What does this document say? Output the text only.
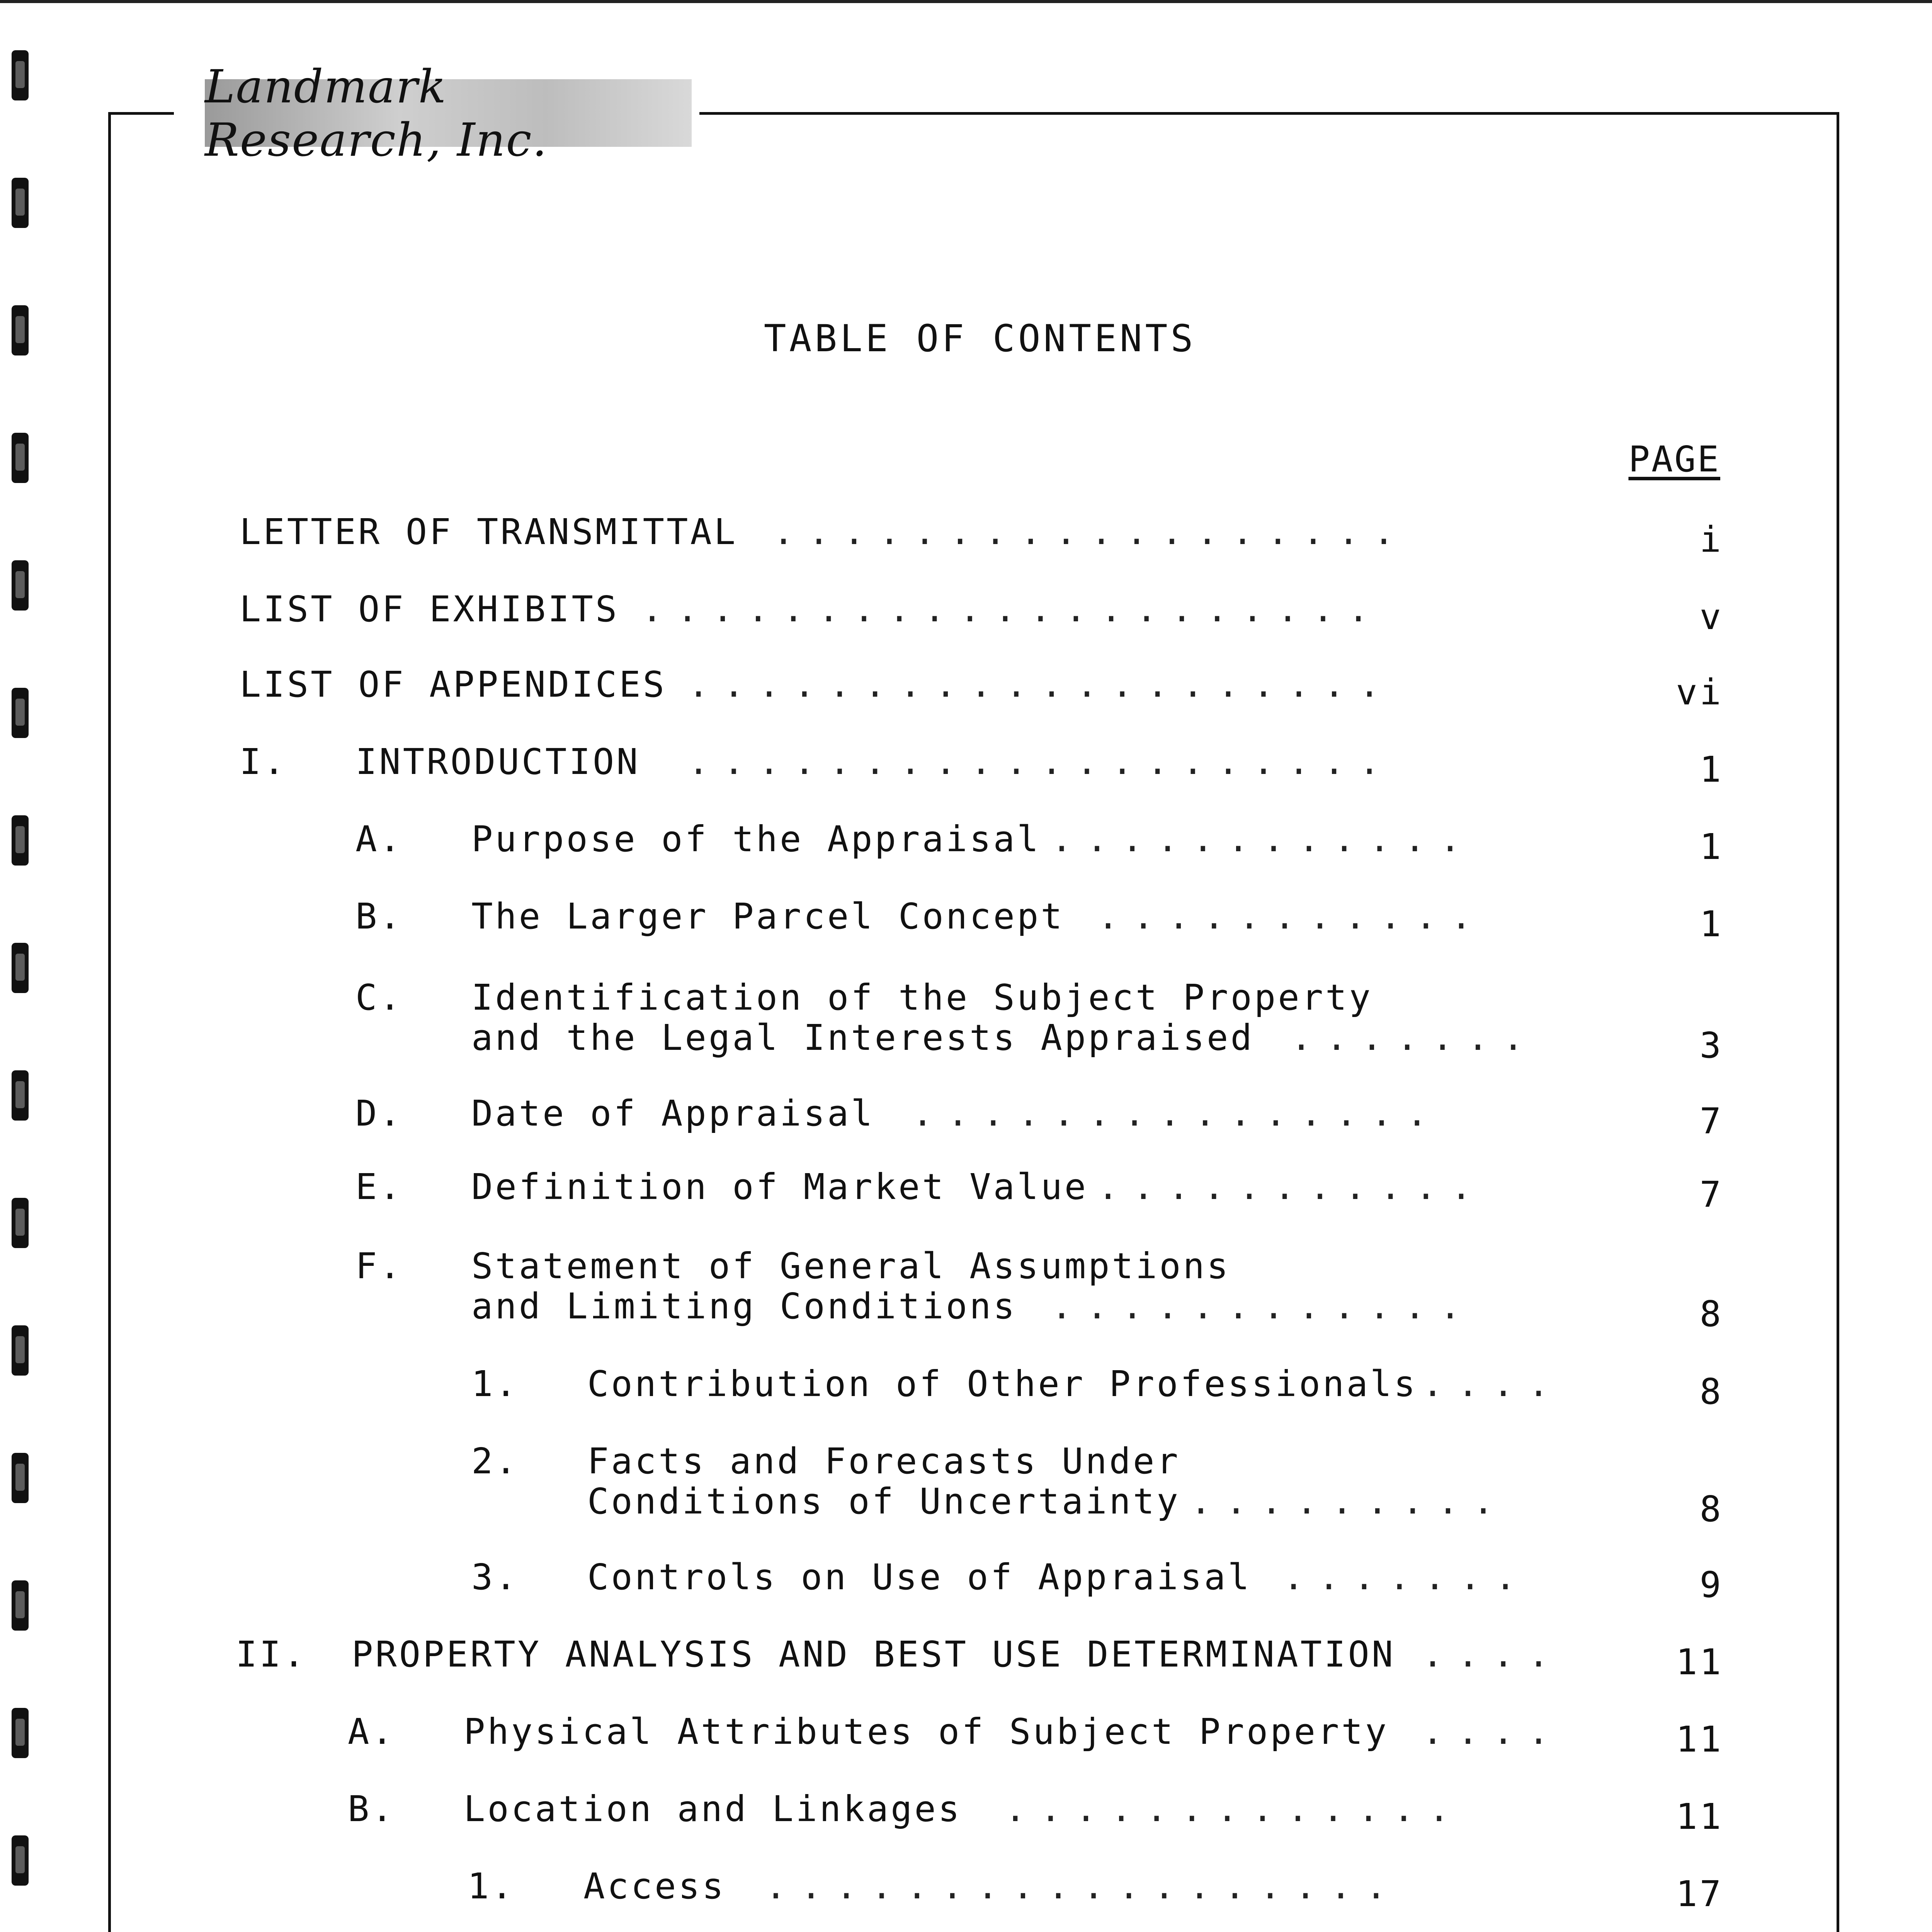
Landmark Research, Inc.
TABLE OF CONTENTS
PAGE
LETTER OF TRANSMITTAL ..................	i
LIST OF EXHIBITS .....................	v
LIST OF APPENDICES ....................	vi
I. INTRODUCTION ....................	1
A. Purpose of the Appraisal ............	1
B. The Larger Parcel Concept ...........	1
C. Identification of the Subject Property
and the Legal Interests Appraised .......	3
D. Date of Appraisal ...............	7
E. Definition of Market Value ...........	7
F. Statement of General Assumptions
and Limiting Conditions ............	8
1. Contribution of Other Professionals ....	8
2. Facts and Forecasts Under
Conditions of Uncertainty .........	8
3. Controls on Use of Appraisal .......	9
II. PROPERTY ANALYSIS AND BEST USE DETERMINATION ....	11
A. Physical Attributes of Subject Property ....	11
B. Location and Linkages .............	11
1. Access ..................	17
